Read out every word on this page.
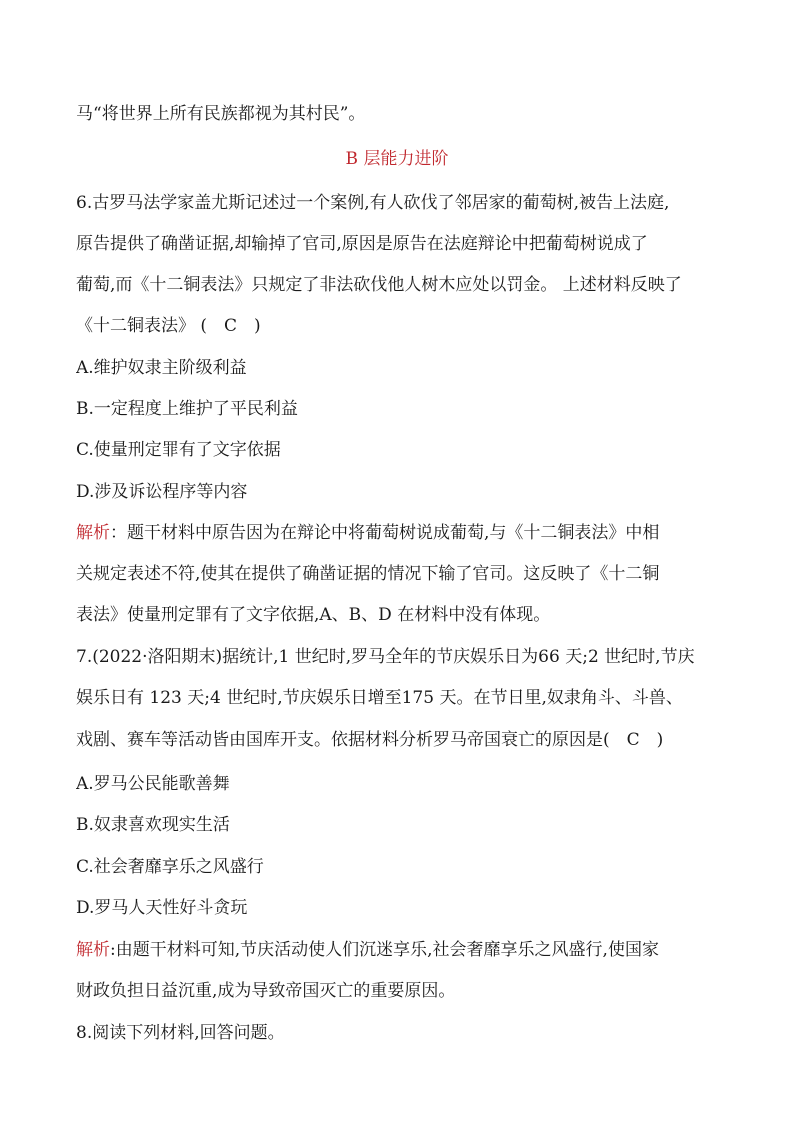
马“将世界上所有民族都视为其村民”。
B 层能力进阶
6.古罗马法学家盖尤斯记述过一个案例,有人砍伐了邻居家的葡萄树,被告上法庭,
原告提供了确凿证据,却输掉了官司,原因是原告在法庭辩论中把葡萄树说成了
葡萄,而《十二铜表法》只规定了非法砍伐他人树木应处以罚金。 上述材料反映了
《十二铜表法》 (　C　)
A.维护奴隶主阶级利益
B.一定程度上维护了平民利益
C.使量刑定罪有了文字依据
D.涉及诉讼程序等内容
解析：题干材料中原告因为在辩论中将葡萄树说成葡萄,与《十二铜表法》中相
关规定表述不符,使其在提供了确凿证据的情况下输了官司。这反映了《十二铜
表法》使量刑定罪有了文字依据,A、B、D 在材料中没有体现。
7.(2022·洛阳期末)据统计,1 世纪时,罗马全年的节庆娱乐日为66 天;2 世纪时,节庆
娱乐日有 123 天;4 世纪时,节庆娱乐日增至175 天。在节日里,奴隶角斗、斗兽、
戏剧、赛车等活动皆由国库开支。依据材料分析罗马帝国衰亡的原因是(　C　)
A.罗马公民能歌善舞
B.奴隶喜欢现实生活
C.社会奢靡享乐之风盛行
D.罗马人天性好斗贪玩
解析:由题干材料可知,节庆活动使人们沉迷享乐,社会奢靡享乐之风盛行,使国家
财政负担日益沉重,成为导致帝国灭亡的重要原因。
8.阅读下列材料,回答问题。
